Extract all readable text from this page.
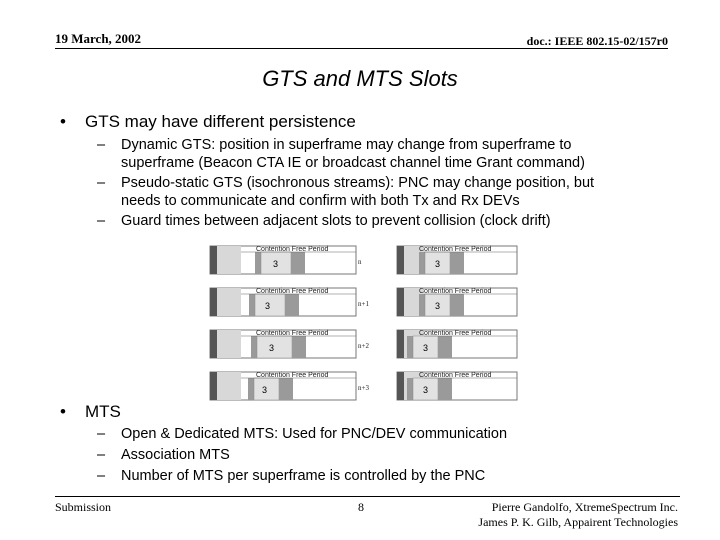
19 March, 2002	doc.: IEEE 802.15-02/157r0
GTS and MTS Slots
• GTS may have different persistence
– Dynamic GTS: position in superframe may change from superframe to
superframe (Beacon CTA IE or broadcast channel time Grant command)
– Pseudo-static GTS (isochronous streams): PNC may change position, but
needs to communicate and confirm with both Tx and Rx DEVs
– Guard times between adjacent slots to prevent collision (clock drift)
Contention Free Period
3
Contention Free Period
3
n
Contention Free Period
3
Contention Free Period
3
n+1
Contention Free Period
3
Contention Free Period
3
n+2
Contention Free Period
3
Contention Free Period
3
n+3
• MTS
– Open & Dedicated MTS: Used for PNC/DEV communication
– Association MTS
– Number of MTS per superframe is controlled by the PNC
Submission	8	Pierre Gandolfo, XtremeSpectrum Inc.
James P. K. Gilb, Appairent Technologies
